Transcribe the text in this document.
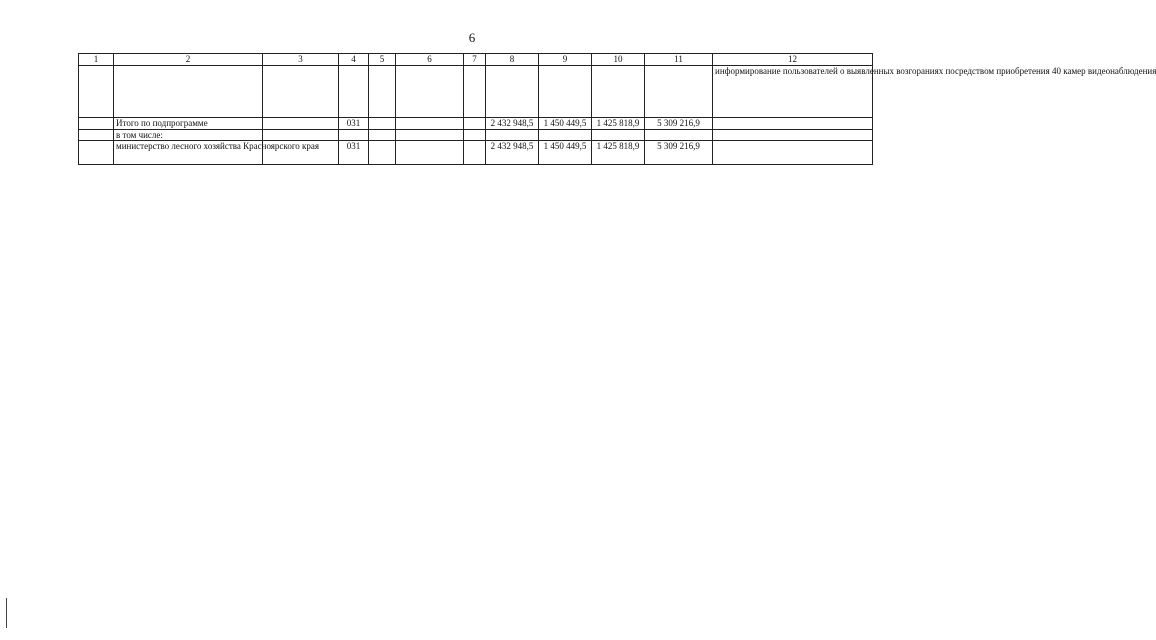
6
1	2	3	4	5	6	7	8	9	10	11	12
											информирование пользователей о выявленных возгораниях посредством приобретения 40 камер видеонаблюдения
	Итого по подпрограмме		031				2 432 948,5	1 450 449,5	1 425 818,9	5 309 216,9	
	в том числе:										
	министерство лесного хозяйства Красноярского края		031				2 432 948,5	1 450 449,5	1 425 818,9	5 309 216,9	
